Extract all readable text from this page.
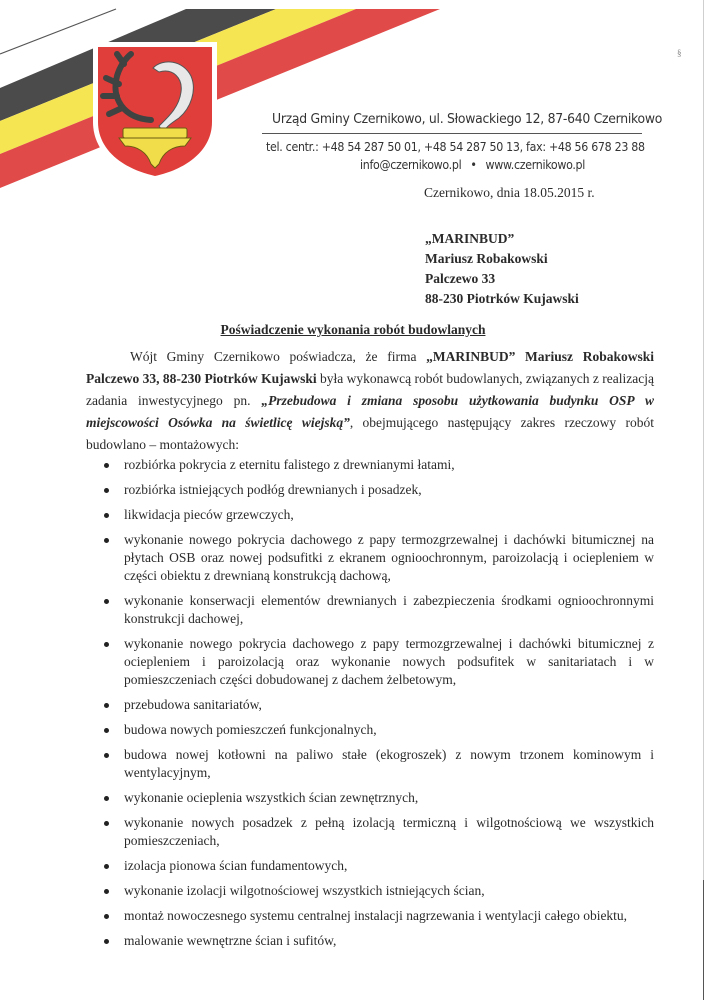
Urząd Gminy Czernikowo, ul. Słowackiego 12, 87-640 Czernikowo
tel. centr.: +48 54 287 50 01, +48 54 287 50 13, fax: +48 56 678 23 88
info@czernikowo.pl • www.czernikowo.pl
§
Czernikowo, dnia 18.05.2015 r.
„MARINBUD”
Mariusz Robakowski
Palczewo 33
88-230 Piotrków Kujawski
Poświadczenie wykonania robót budowlanych
Wójt Gminy Czernikowo poświadcza, że firma „MARINBUD” Mariusz Robakowski Palczewo 33, 88-230 Piotrków Kujawski była wykonawcą robót budowlanych, związanych z realizacją zadania inwestycyjnego pn. „Przebudowa i zmiana sposobu użytkowania budynku OSP w miejscowości Osówka na świetlicę wiejską”, obejmującego następujący zakres rzeczowy robót budowlano – montażowych:
rozbiórka pokrycia z eternitu falistego z drewnianymi łatami,
rozbiórka istniejących podłóg drewnianych i posadzek,
likwidacja pieców grzewczych,
wykonanie nowego pokrycia dachowego z papy termozgrzewalnej i dachówki bitumicznej na płytach OSB oraz nowej podsufitki z ekranem ognioochronnym, paroizolacją i ociepleniem w części obiektu z drewnianą konstrukcją dachową,
wykonanie konserwacji elementów drewnianych i zabezpieczenia środkami ognioochronnymi konstrukcji dachowej,
wykonanie nowego pokrycia dachowego z papy termozgrzewalnej i dachówki bitumicznej z ociepleniem i paroizolacją oraz wykonanie nowych podsufitek w sanitariatach i w pomieszczeniach części dobudowanej z dachem żelbetowym,
przebudowa sanitariatów,
budowa nowych pomieszczeń funkcjonalnych,
budowa nowej kotłowni na paliwo stałe (ekogroszek) z nowym trzonem kominowym i wentylacyjnym,
wykonanie ocieplenia wszystkich ścian zewnętrznych,
wykonanie nowych posadzek z pełną izolacją termiczną i wilgotnościową we wszystkich pomieszczeniach,
izolacja pionowa ścian fundamentowych,
wykonanie izolacji wilgotnościowej wszystkich istniejących ścian,
montaż nowoczesnego systemu centralnej instalacji nagrzewania i wentylacji całego obiektu,
malowanie wewnętrzne ścian i sufitów,
